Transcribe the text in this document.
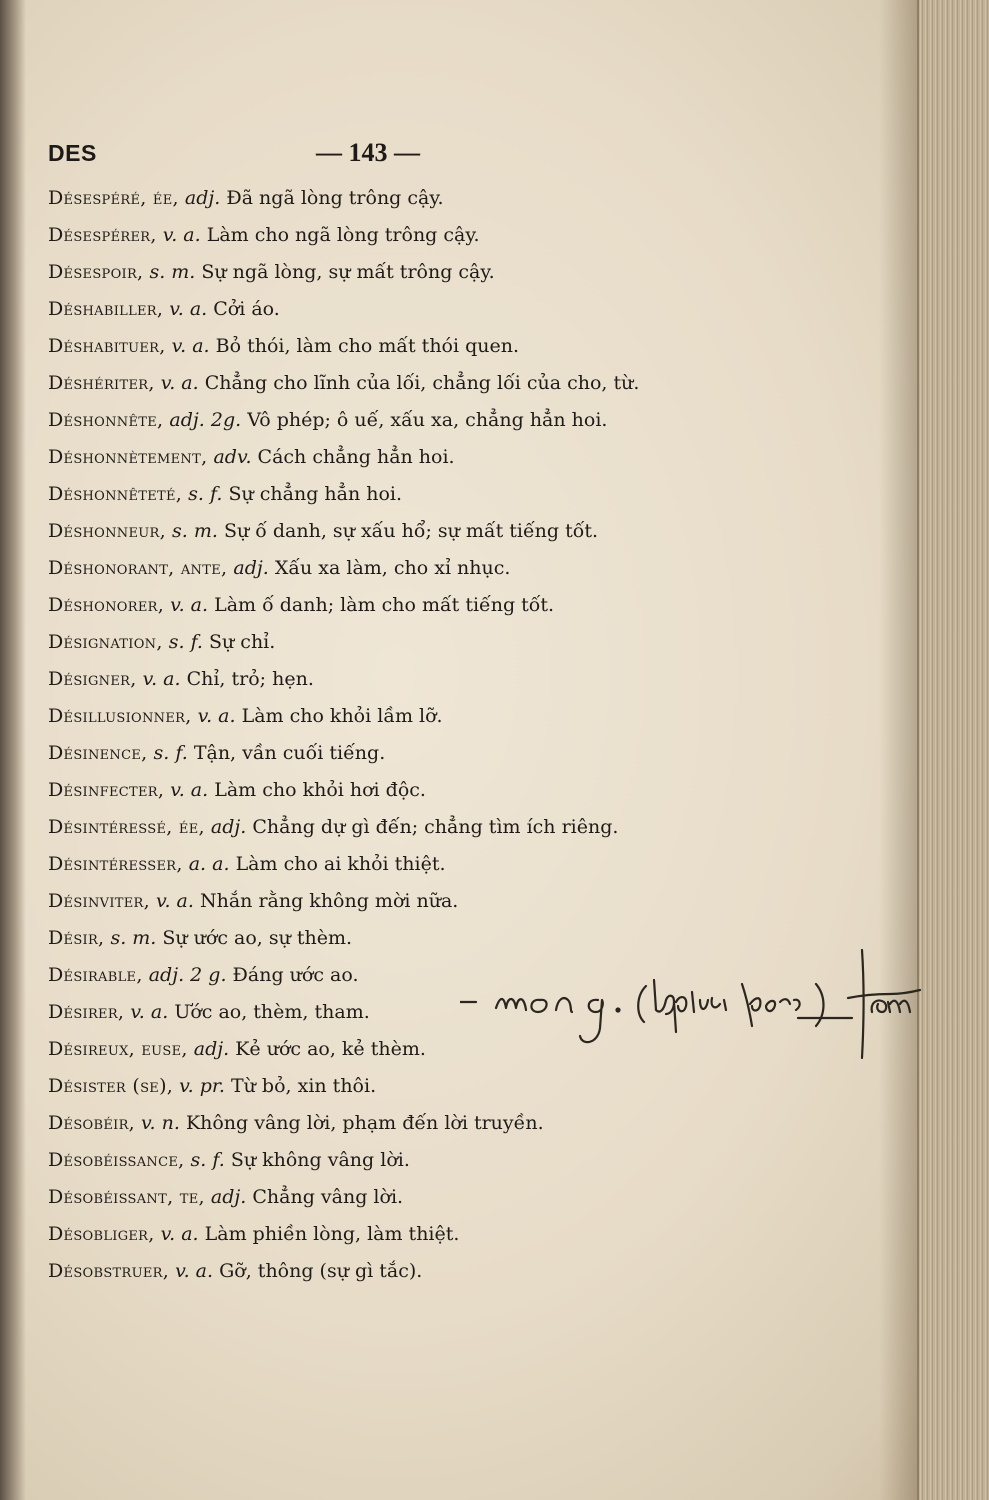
DES	— 143 —
Désespéré, ée, adj. Đã ngã lòng trông cậy.
Désespérer, v. a. Làm cho ngã lòng trông cậy.
Désespoir, s. m. Sự ngã lòng, sự mất trông cậy.
Déshabiller, v. a. Cởi áo.
Déshabituer, v. a. Bỏ thói, làm cho mất thói quen.
Déshériter, v. a. Chẳng cho lĩnh của lối, chẳng lối của cho, từ.
Déshonnête, adj. 2g. Vô phép; ô uế, xấu xa, chẳng hẳn hoi.
Déshonnètement, adv. Cách chẳng hẳn hoi.
Déshonnêteté, s. f. Sự chẳng hẳn hoi.
Déshonneur, s. m. Sự ố danh, sự xấu hổ; sự mất tiếng tốt.
Déshonorant, ante, adj. Xấu xa làm, cho xỉ nhục.
Déshonorer, v. a. Làm ố danh; làm cho mất tiếng tốt.
Désignation, s. f. Sự chỉ.
Désigner, v. a. Chỉ, trỏ; hẹn.
Désillusionner, v. a. Làm cho khỏi lầm lỡ.
Désinence, s. f. Tận, vần cuối tiếng.
Désinfecter, v. a. Làm cho khỏi hơi độc.
Désintéressé, ée, adj. Chẳng dự gì đến; chẳng tìm ích riêng.
Désintéresser, a. a. Làm cho ai khỏi thiệt.
Désinviter, v. a. Nhắn rằng không mời nữa.
Désir, s. m. Sự ước ao, sự thèm.
Désirable, adj. 2 g. Đáng ước ao.
Désirer, v. a. Ước ao, thèm, tham.
Désireux, euse, adj. Kẻ ước ao, kẻ thèm.
Désister (se), v. pr. Từ bỏ, xin thôi.
Désobéir, v. n. Không vâng lời, phạm đến lời truyền.
Désobéissance, s. f. Sự không vâng lời.
Désobéissant, te, adj. Chẳng vâng lời.
Désobliger, v. a. Làm phiền lòng, làm thiệt.
Désobstruer, v. a. Gỡ, thông (sự gì tắc).
